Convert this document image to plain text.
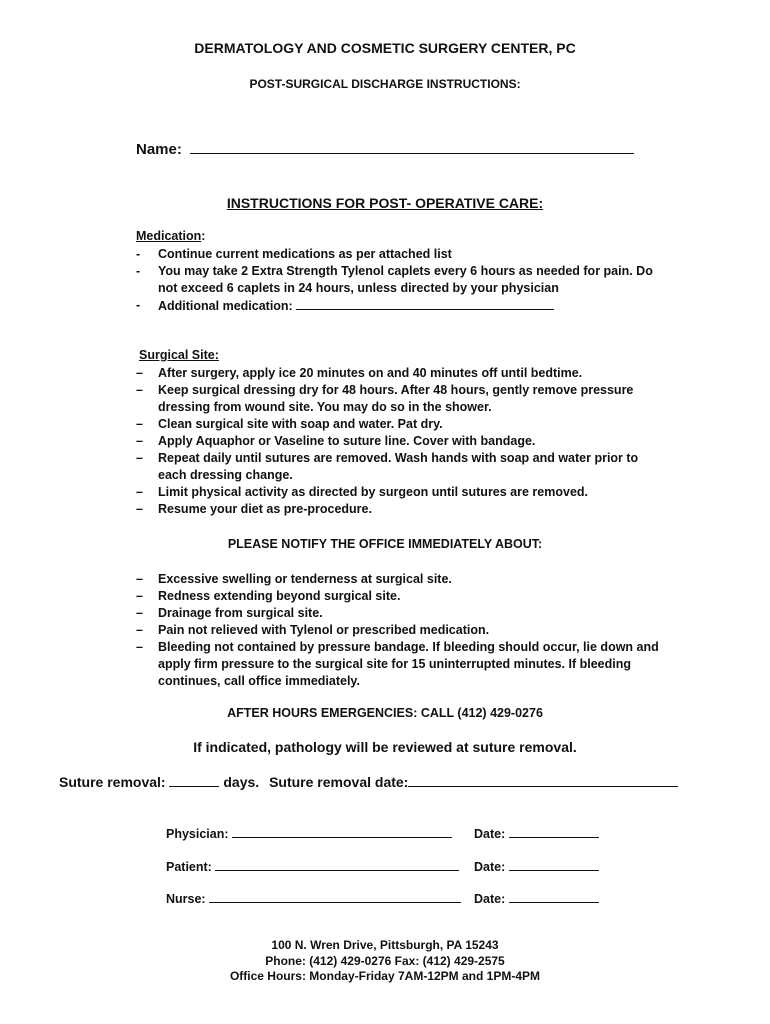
DERMATOLOGY AND COSMETIC SURGERY CENTER, PC
POST-SURGICAL DISCHARGE INSTRUCTIONS:
Name:
INSTRUCTIONS FOR POST- OPERATIVE CARE:
Medication:
- Continue current medications as per attached list
- You may take 2 Extra Strength Tylenol caplets every 6 hours as needed for pain. Do not exceed 6 caplets in 24 hours, unless directed by your physician
- Additional medication:
Surgical Site:
– After surgery, apply ice 20 minutes on and 40 minutes off until bedtime.
– Keep surgical dressing dry for 48 hours. After 48 hours, gently remove pressure dressing from wound site. You may do so in the shower.
– Clean surgical site with soap and water. Pat dry.
– Apply Aquaphor or Vaseline to suture line. Cover with bandage.
– Repeat daily until sutures are removed. Wash hands with soap and water prior to each dressing change.
– Limit physical activity as directed by surgeon until sutures are removed.
– Resume your diet as pre-procedure.
PLEASE NOTIFY THE OFFICE IMMEDIATELY ABOUT:
– Excessive swelling or tenderness at surgical site.
– Redness extending beyond surgical site.
– Drainage from surgical site.
– Pain not relieved with Tylenol or prescribed medication.
– Bleeding not contained by pressure bandage. If bleeding should occur, lie down and apply firm pressure to the surgical site for 15 uninterrupted minutes. If bleeding continues, call office immediately.
AFTER HOURS EMERGENCIES: CALL (412) 429-0276
If indicated, pathology will be reviewed at suture removal.
Suture removal:	days. Suture removal date:
Physician:	Date:
Patient:	Date:
Nurse:	Date:
100 N. Wren Drive, Pittsburgh, PA 15243
Phone: (412) 429-0276 Fax: (412) 429-2575
Office Hours: Monday-Friday 7AM-12PM and 1PM-4PM
